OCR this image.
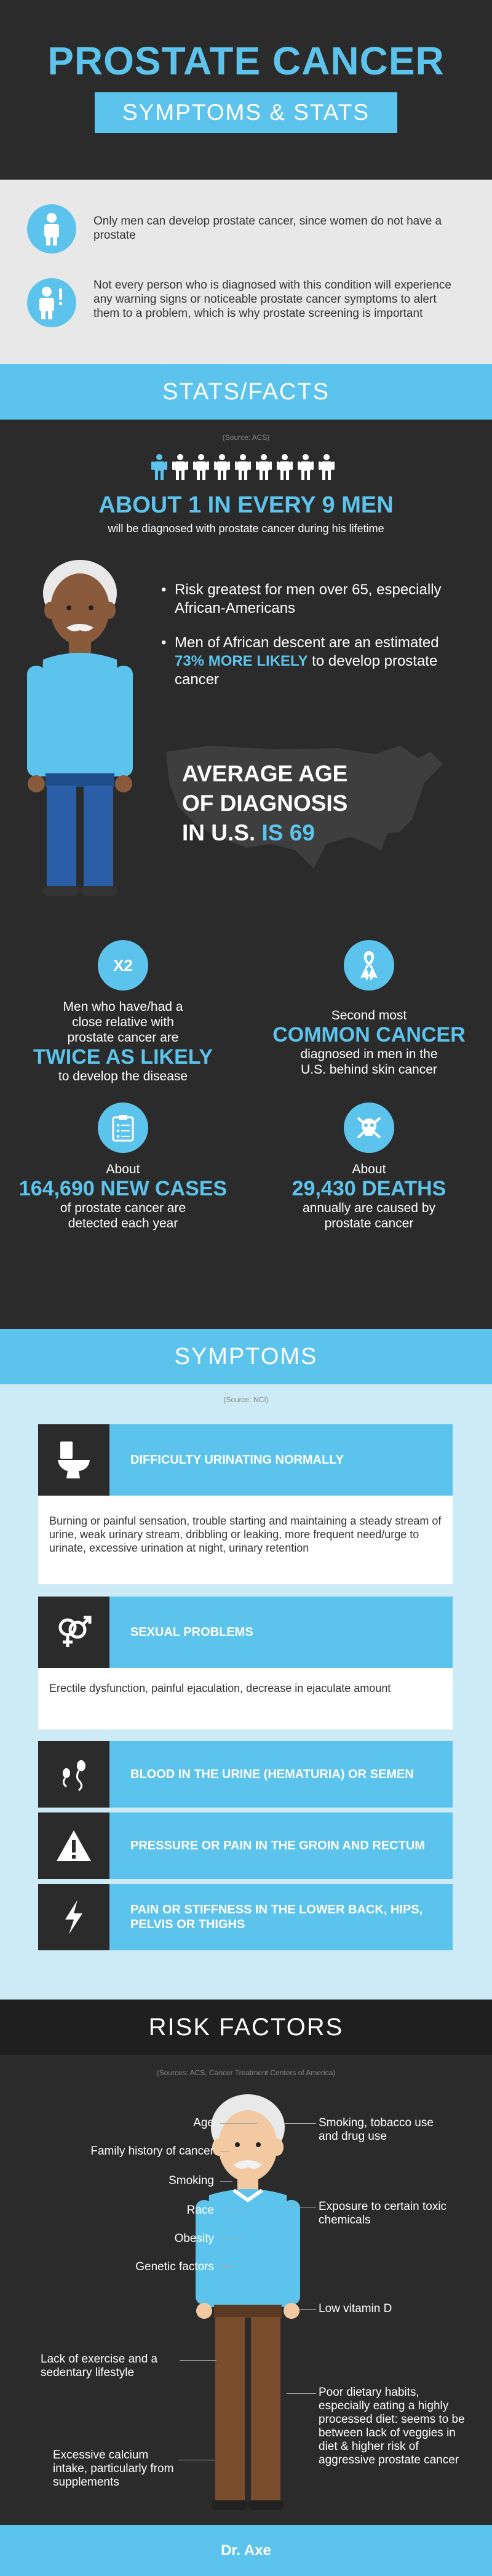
PROSTATE CANCER
SYMPTOMS & STATS
Only men can develop prostate cancer, since women do not have a prostate
Not every person who is diagnosed with this condition will experience any warning signs or noticeable prostate cancer symptoms to alert them to a problem, which is why prostate screening is important
STATS/FACTS
(Source: ACS)
ABOUT 1 IN EVERY 9 MEN
will be diagnosed with prostate cancer during his lifetime
• Risk greatest for men over 65, especially African-Americans
• Men of African descent are an estimated 73% MORE LIKELY to develop prostate cancer
AVERAGE AGE
OF DIAGNOSIS
IN U.S. IS 69
X2
Men who have/had a close relative with prostate cancer are
TWICE AS LIKELY
to develop the disease
Second most
COMMON CANCER
diagnosed in men in the U.S. behind skin cancer
About
164,690 NEW CASES
of prostate cancer are detected each year
About
29,430 DEATHS
annually are caused by prostate cancer
SYMPTOMS
(Source: NCI)
DIFFICULTY URINATING NORMALLY
Burning or painful sensation, trouble starting and maintaining a steady stream of urine, weak urinary stream, dribbling or leaking, more frequent need/urge to urinate, excessive urination at night, urinary retention
SEXUAL PROBLEMS
Erectile dysfunction, painful ejaculation, decrease in ejaculate amount
BLOOD IN THE URINE (HEMATURIA) OR SEMEN
PRESSURE OR PAIN IN THE GROIN AND RECTUM
PAIN OR STIFFNESS IN THE LOWER BACK, HIPS, PELVIS OR THIGHS
RISK FACTORS
(Sources: ACS, Cancer Treatment Centers of America)
Age
Family history of cancer
Smoking
Race
Obesity
Genetic factors
Lack of exercise and a sedentary lifestyle
Excessive calcium intake, particularly from supplements
Smoking, tobacco use and drug use
Exposure to certain toxic chemicals
Low vitamin D
Poor dietary habits, especially eating a highly processed diet: seems to be between lack of veggies in diet & higher risk of aggressive prostate cancer
Dr. Axe
